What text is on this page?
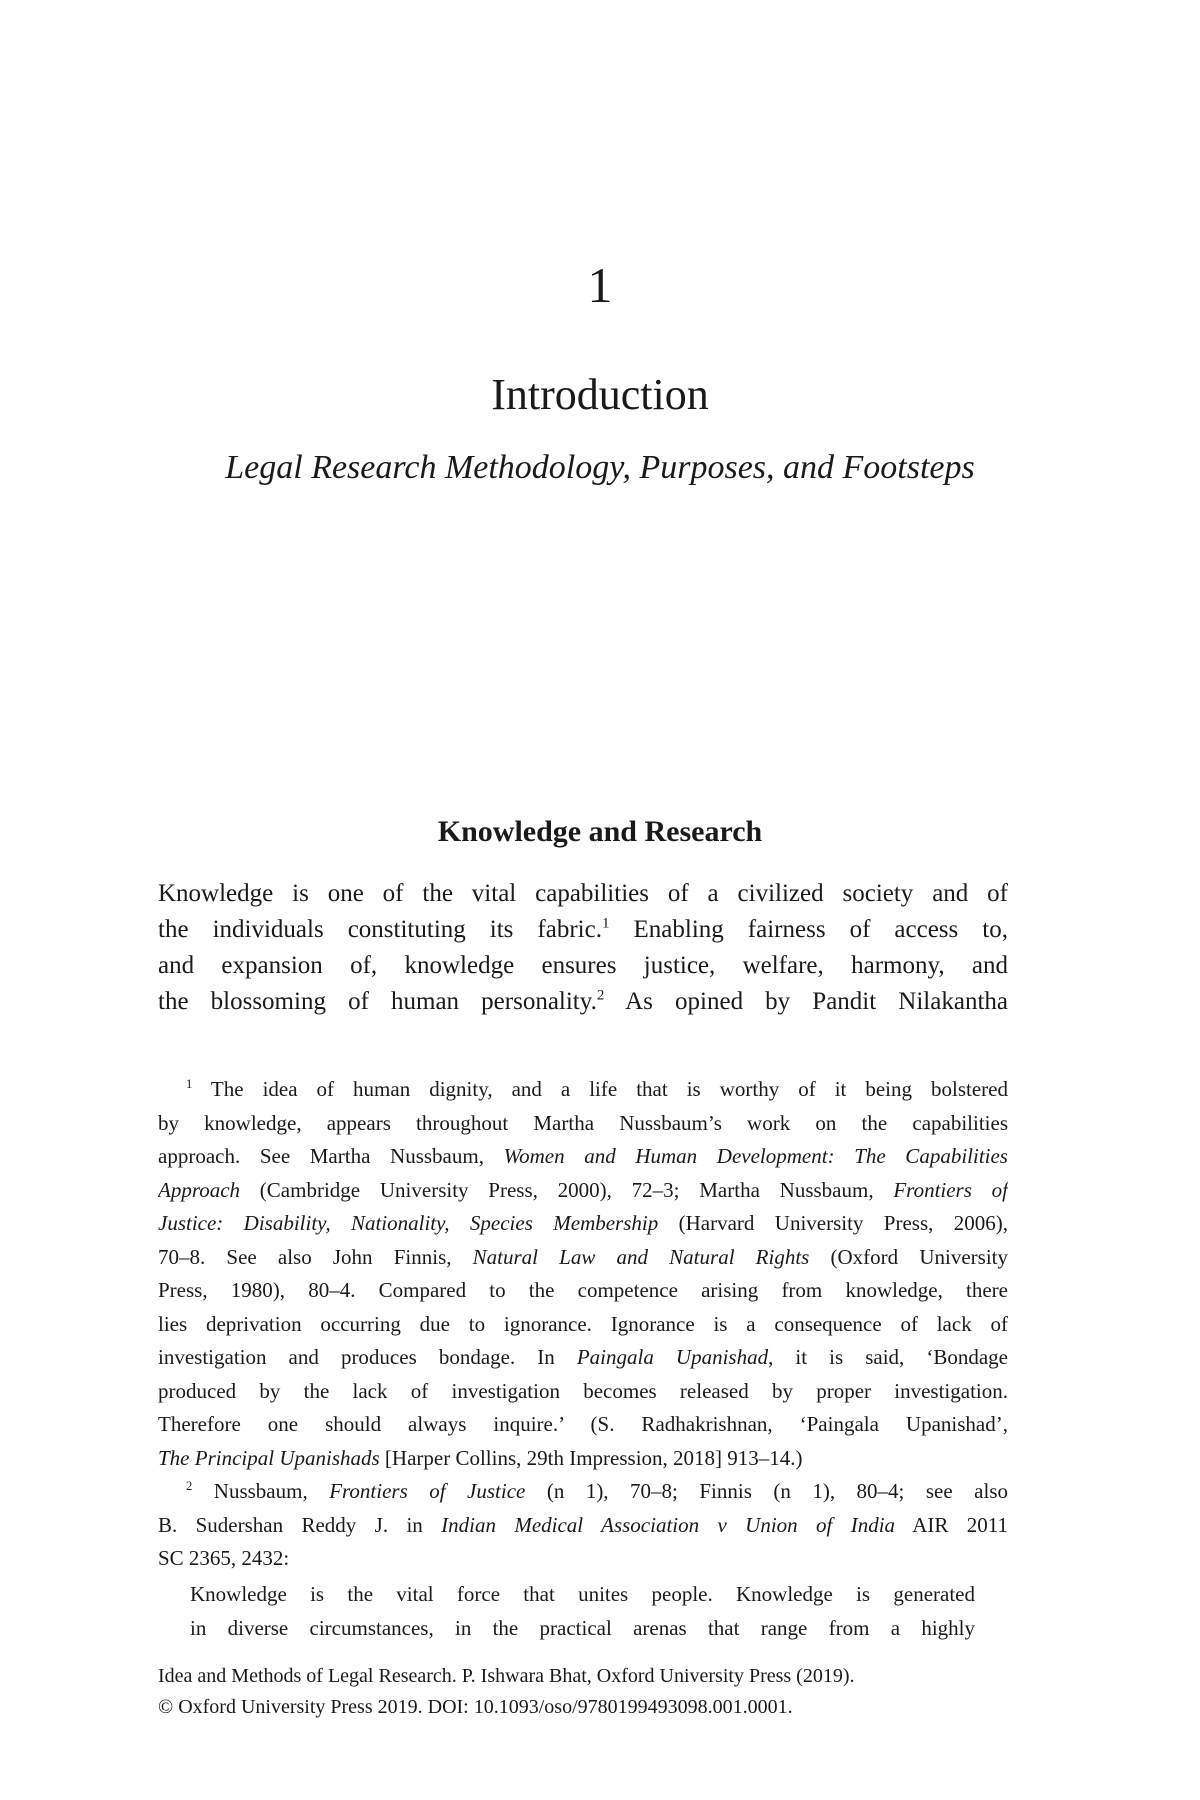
1
Introduction
Legal Research Methodology, Purposes, and Footsteps
Knowledge and Research
Knowledge is one of the vital capabilities of a civilized society and of
the individuals constituting its fabric.$^1$ Enabling fairness of access to,
and expansion of, knowledge ensures justice, welfare, harmony, and
the blossoming of human personality.$^2$ As opined by Pandit Nilakantha
$^1$ The idea of human dignity, and a life that is worthy of it being bolstered
by knowledge, appears throughout Martha Nussbaum’s work on the capabilities
approach. See Martha Nussbaum, Women and Human Development: The Capabilities
Approach (Cambridge University Press, 2000), 72–3; Martha Nussbaum, Frontiers of
Justice: Disability, Nationality, Species Membership (Harvard University Press, 2006),
70–8. See also John Finnis, Natural Law and Natural Rights (Oxford University
Press, 1980), 80–4. Compared to the competence arising from knowledge, there
lies deprivation occurring due to ignorance. Ignorance is a consequence of lack of
investigation and produces bondage. In Paingala Upanishad, it is said, ‘Bondage
produced by the lack of investigation becomes released by proper investigation.
Therefore one should always inquire.’ (S. Radhakrishnan, ‘Paingala Upanishad’,
The Principal Upanishads [Harper Collins, 29th Impression, 2018] 913–14.)
$^2$ Nussbaum, Frontiers of Justice (n 1), 70–8; Finnis (n 1), 80–4; see also
B. Sudershan Reddy J. in Indian Medical Association v Union of India AIR 2011
SC 2365, 2432:
Knowledge is the vital force that unites people. Knowledge is generated
in diverse circumstances, in the practical arenas that range from a highly
Idea and Methods of Legal Research. P. Ishwara Bhat, Oxford University Press (2019).
© Oxford University Press 2019. DOI: 10.1093/oso/9780199493098.001.0001.
